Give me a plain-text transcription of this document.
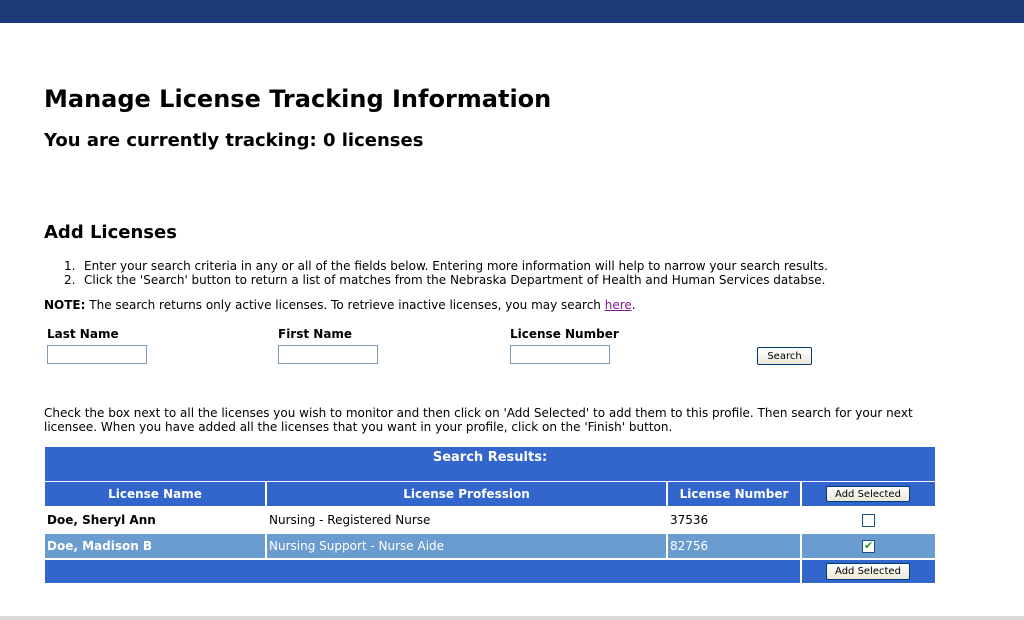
Manage License Tracking Information
You are currently tracking: 0 licenses
Add Licenses
1. Enter your search criteria in any or all of the fields below. Entering more information will help to narrow your search results.
2. Click the 'Search' button to return a list of matches from the Nebraska Department of Health and Human Services databse.
NOTE: The search returns only active licenses. To retrieve inactive licenses, you may search here.
Last Name	First Name	License Number
Search
Check the box next to all the licenses you wish to monitor and then click on 'Add Selected' to add them to this profile. Then search for your next licensee. When you have added all the licenses that you want in your profile, click on the 'Finish' button.
Search Results:
License Name	License Profession	License Number	Add Selected
Doe, Sheryl Ann	Nursing - Registered Nurse	37536
Doe, Madison B	Nursing Support - Nurse Aide	82756	✔
Add Selected
